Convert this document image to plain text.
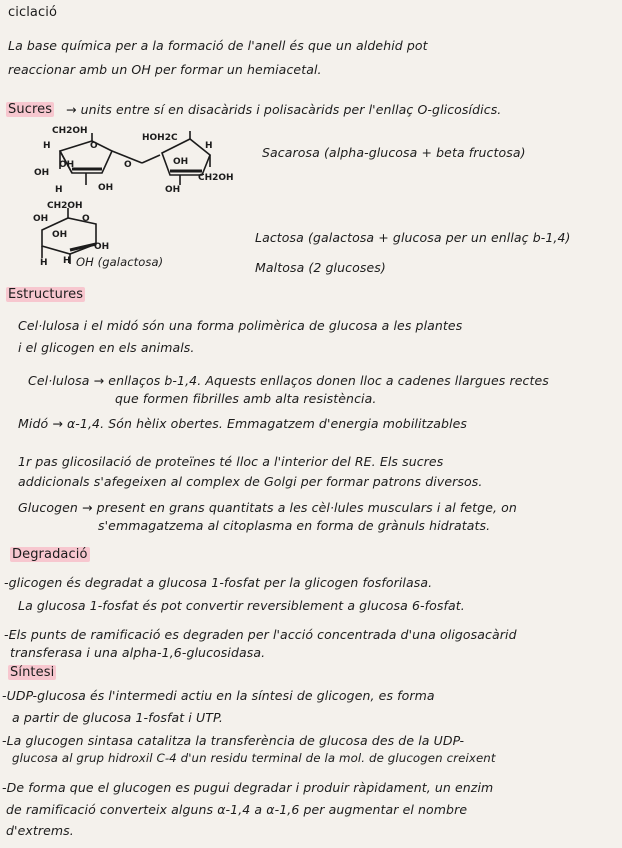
ciclació
La base química per a la formació de l'anell és que un aldehid pot
reaccionar amb un OH per formar un hemiacetal.
Sucres → units entre sí en disacàrids i polisacàrids per l'enllaç O-glicosídics.
CH2OH
H	O
OH
OH
H	OH
O
HOH2C
H
OH
CH2OH
OH
Sacarosa (alpha-glucosa + beta fructosa)
CH2OH
OH	O
OH
OH
H H OH (galactosa)
Lactosa (galactosa + glucosa per un enllaç b-1,4)
Maltosa (2 glucoses)
Estructures
Cel·lulosa i el midó són una forma polimèrica de glucosa a les plantes
i el glicogen en els animals.
Cel·lulosa → enllaços b-1,4. Aquests enllaços donen lloc a cadenes llargues rectes
que formen fibrilles amb alta resistència.
Midó → α-1,4. Són hèlix obertes. Emmagatzem d'energia mobilitzables
1r pas glicosilació de proteïnes té lloc a l'interior del RE. Els sucres
addicionals s'afegeixen al complex de Golgi per formar patrons diversos.
Glucogen → present en grans quantitats a les cèl·lules musculars i al fetge, on
s'emmagatzema al citoplasma en forma de grànuls hidratats.
Degradació
-glicogen és degradat a glucosa 1-fosfat per la glicogen fosforilasa.
La glucosa 1-fosfat és pot convertir reversiblement a glucosa 6-fosfat.
-Els punts de ramificació es degraden per l'acció concentrada d'una oligosacàrid
transferasa i una alpha-1,6-glucosidasa.
Síntesi
-UDP-glucosa és l'intermedi actiu en la síntesi de glicogen, es forma
a partir de glucosa 1-fosfat i UTP.
-La glucogen sintasa catalitza la transferència de glucosa des de la UDP-
glucosa al grup hidroxil C-4 d'un residu terminal de la mol. de glucogen creixent
-De forma que el glucogen es pugui degradar i produir ràpidament, un enzim
de ramificació converteix alguns α-1,4 a α-1,6 per augmentar el nombre
d'extrems.
